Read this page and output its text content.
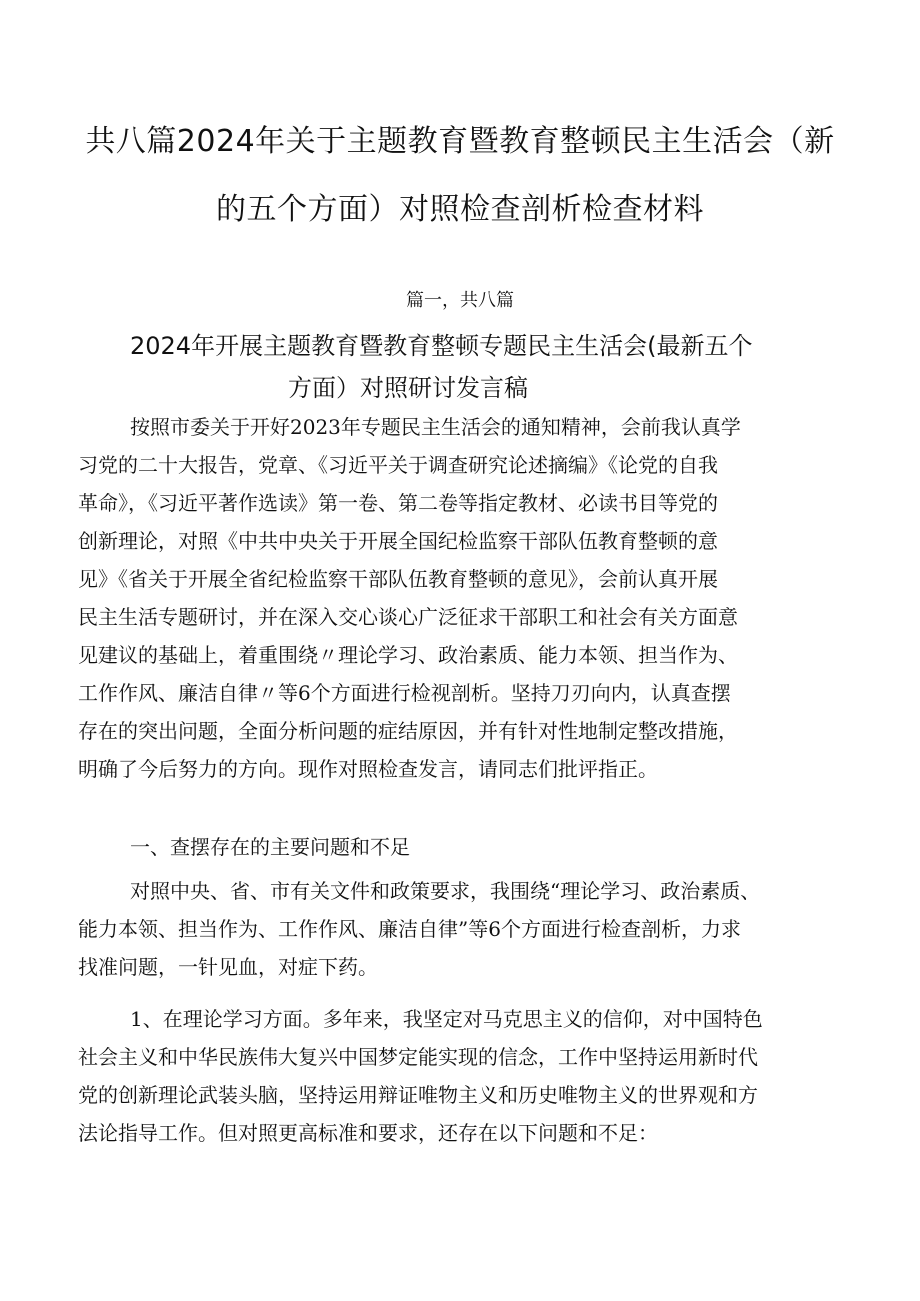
共八篇2024年关于主题教育暨教育整顿民主生活会（新
的五个方面）对照检查剖析检查材料
篇一，共八篇
2024年开展主题教育暨教育整顿专题民主生活会(最新五个
方面）对照研讨发言稿
按照市委关于开好2023年专题民主生活会的通知精神，会前我认真学
习党的二十大报告，党章、《习近平关于调查研究论述摘编》《论党的自我
革命》，《习近平著作选读》第一卷、第二卷等指定教材、必读书目等党的
创新理论，对照《中共中央关于开展全国纪检监察干部队伍教育整顿的意
见》《省关于开展全省纪检监察干部队伍教育整顿的意见》，会前认真开展
民主生活专题研讨，并在深入交心谈心广泛征求干部职工和社会有关方面意
见建议的基础上，着重围绕〃理论学习、政治素质、能力本领、担当作为、
工作作风、廉洁自律〃等6个方面进行检视剖析。坚持刀刃向内，认真查摆
存在的突出问题，全面分析问题的症结原因，并有针对性地制定整改措施，
明确了今后努力的方向。现作对照检查发言，请同志们批评指正。
一、查摆存在的主要问题和不足
对照中央、省、市有关文件和政策要求，我围绕“理论学习、政治素质、
能力本领、担当作为、工作作风、廉洁自律”等6个方面进行检查剖析，力求
找准问题，一针见血，对症下药。
1、在理论学习方面。多年来，我坚定对马克思主义的信仰，对中国特色
社会主义和中华民族伟大复兴中国梦定能实现的信念，工作中坚持运用新时代
党的创新理论武装头脑，坚持运用辩证唯物主义和历史唯物主义的世界观和方
法论指导工作。但对照更高标准和要求，还存在以下问题和不足：
